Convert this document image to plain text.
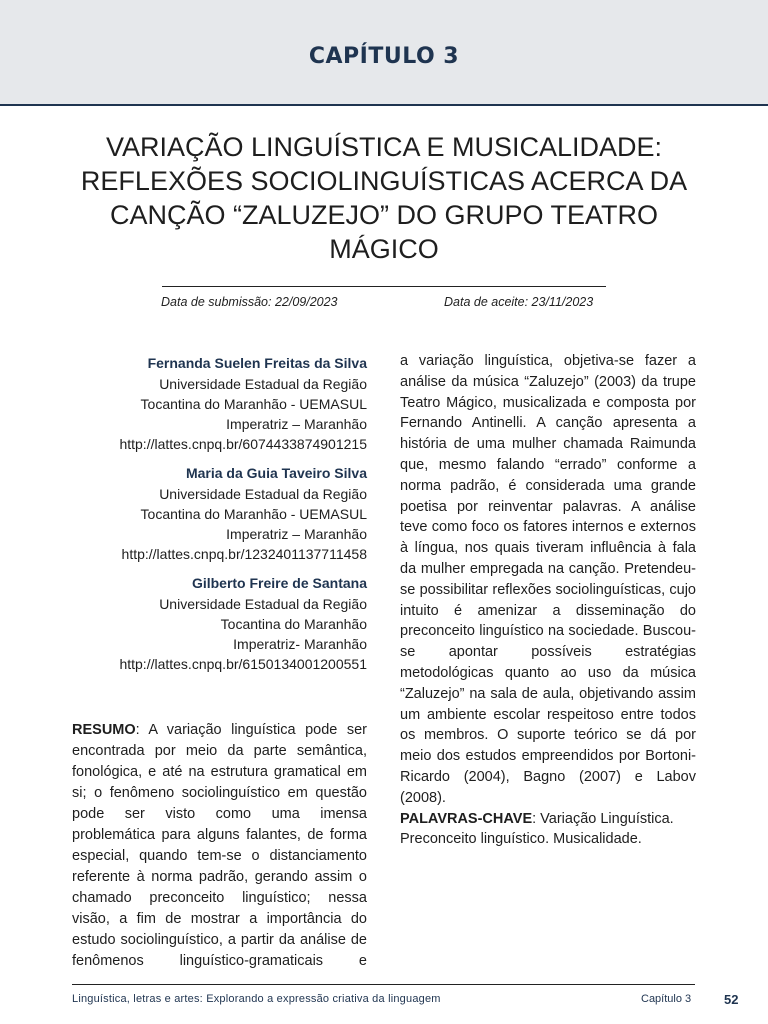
CAPÍTULO 3
VARIAÇÃO LINGUÍSTICA E MUSICALIDADE:
REFLEXÕES SOCIOLINGUÍSTICAS ACERCA DA
CANÇÃO “ZALUZEJO” DO GRUPO TEATRO
MÁGICO
Data de submissão: 22/09/2023	Data de aceite: 23/11/2023
Fernanda Suelen Freitas da Silva
Universidade Estadual da Região
Tocantina do Maranhão - UEMASUL
Imperatriz – Maranhão
http://lattes.cnpq.br/6074433874901215
Maria da Guia Taveiro Silva
Universidade Estadual da Região
Tocantina do Maranhão - UEMASUL
Imperatriz – Maranhão
http://lattes.cnpq.br/1232401137711458
Gilberto Freire de Santana
Universidade Estadual da Região
Tocantina do Maranhão
Imperatriz- Maranhão
http://lattes.cnpq.br/6150134001200551
RESUMO: A variação linguística pode ser encontrada por meio da parte semântica, fonológica, e até na estrutura gramatical em si; o fenômeno sociolinguístico em questão pode ser visto como uma imensa problemática para alguns falantes, de forma especial, quando tem-se o distanciamento referente à norma padrão, gerando assim o chamado preconceito linguístico; nessa visão, a fim de mostrar a importância do estudo sociolinguístico, a partir da análise de fenômenos linguístico-gramaticais e
a variação linguística, objetiva-se fazer a análise da música “Zaluzejo” (2003) da trupe Teatro Mágico, musicalizada e composta por Fernando Antinelli. A canção apresenta a história de uma mulher chamada Raimunda que, mesmo falando “errado” conforme a norma padrão, é considerada uma grande poetisa por reinventar palavras. A análise teve como foco os fatores internos e externos à língua, nos quais tiveram influência à fala da mulher empregada na canção. Pretendeu-se possibilitar reflexões sociolinguísticas, cujo intuito é amenizar a disseminação do preconceito linguístico na sociedade. Buscou-se apontar possíveis estratégias metodológicas quanto ao uso da música “Zaluzejo” na sala de aula, objetivando assim um ambiente escolar respeitoso entre todos os membros. O suporte teórico se dá por meio dos estudos empreendidos por Bortoni-Ricardo (2004), Bagno (2007) e Labov (2008).
PALAVRAS-CHAVE: Variação Linguística. Preconceito linguístico. Musicalidade.
Linguística, letras e artes: Explorando a expressão criativa da linguagem	Capítulo 3	52
